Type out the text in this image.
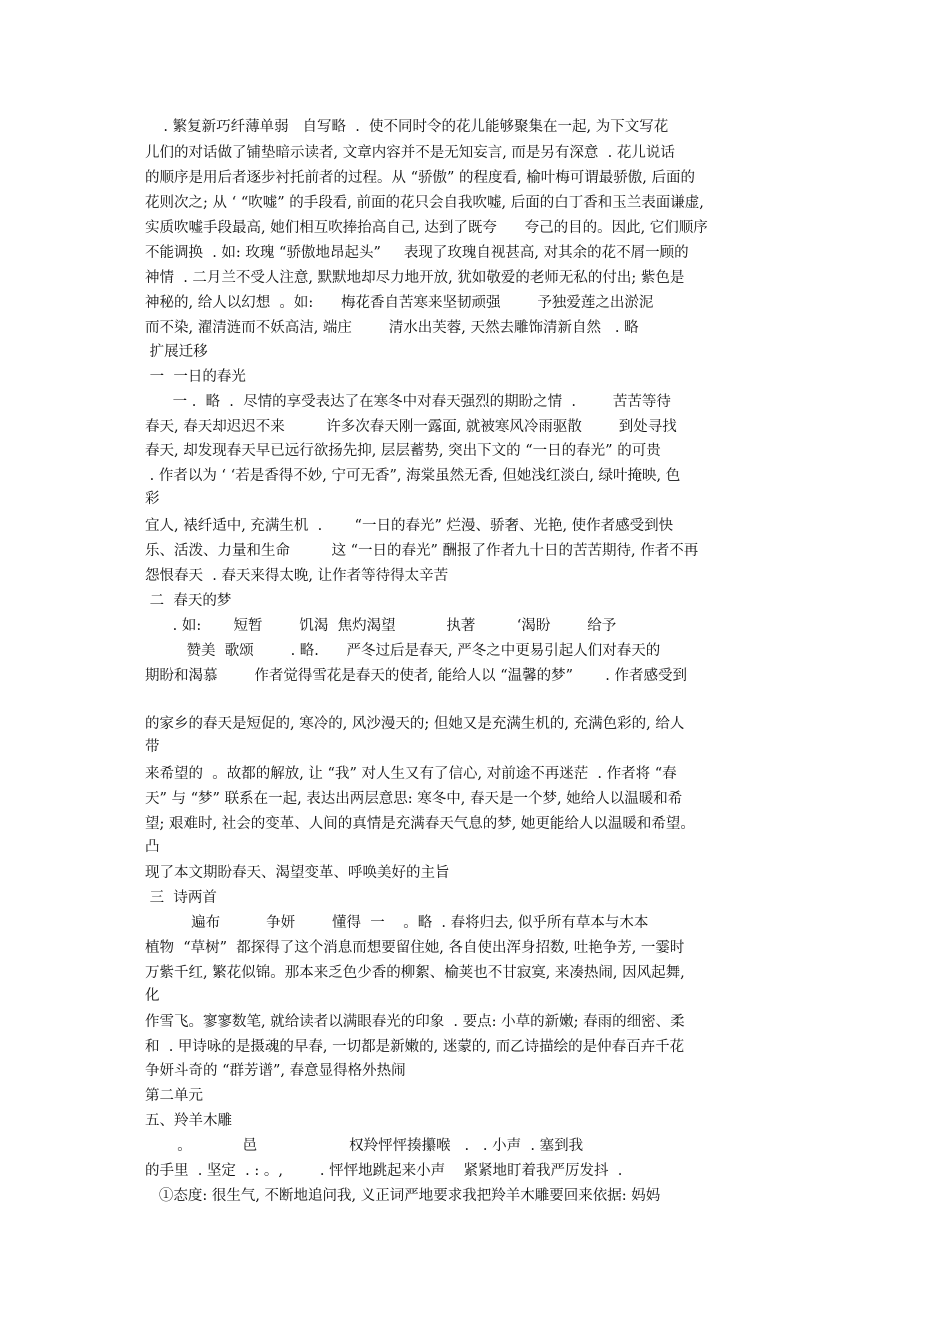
. 繁复新巧纤薄单弱   自写略  .  使不同时令的花儿能够聚集在一起, 为下文写花
儿们的对话做了铺垫暗示读者, 文章内容并不是无知妄言, 而是另有深意  . 花儿说话
的顺序是用后者逐步衬托前者的过程。从 “骄傲” 的程度看, 榆叶梅可谓最骄傲, 后面的
花则次之; 从 ‘ “吹嘘” 的手段看, 前面的花只会自我吹嘘, 后面的白丁香和玉兰表面谦虚,
实质吹嘘手段最高, 她们相互吹捧抬高自己, 达到了既夸      夸己的目的。因此, 它们顺序
不能调换  . 如: 玫瑰 “骄傲地昂起头”     表现了玫瑰自视甚高, 对其余的花不屑一顾的
神情  . 二月兰不受人注意, 默默地却尽力地开放, 犹如敬爱的老师无私的付出; 紫色是
神秘的, 给人以幻想  。如:      梅花香自苦寒来坚韧顽强        予独爱莲之出淤泥
而不染, 濯清涟而不妖高洁, 端庄        清水出芙蓉, 天然去雕饰清新自然   . 略
扩展迁移
一  一日的春光
一 .  略  .  尽情的享受表达了在寒冬中对春天强烈的期盼之情  .        苦苦等待
春天, 春天却迟迟不来         许多次春天刚一露面, 就被寒风冷雨驱散        到处寻找
春天, 却发现春天早已远行欲扬先抑, 层层蓄势, 突出下文的 “一日的春光” 的可贵
. 作者以为 ‘ ‘若是香得不妙, 宁可无香”, 海棠虽然无香, 但她浅红淡白, 绿叶掩映, 色
彩
宜人, 裱纤适中, 充满生机  .       “一日的春光” 烂漫、骄奢、光艳, 使作者感受到快
乐、活泼、力量和生命         这 “一日的春光” 酬报了作者九十日的苦苦期待, 作者不再
怨恨春天  . 春天来得太晚, 让作者等待得太辛苦
二  春天的梦
. 如:       短暂        饥渴  焦灼渴望           执著         ‘渴盼        给予
赞美  歌颂        . 略.      严冬过后是春天, 严冬之中更易引起人们对春天的
期盼和渴慕        作者觉得雪花是春天的使者, 能给人以 “温馨的梦”       . 作者感受到
的家乡的春天是短促的, 寒冷的, 风沙漫天的; 但她又是充满生机的, 充满色彩的, 给人
带
来希望的  。故都的解放, 让 “我” 对人生又有了信心, 对前途不再迷茫  . 作者将 “春
天” 与 “梦” 联系在一起, 表达出两层意思: 寒冬中, 春天是一个梦, 她给人以温暖和希
望; 艰难时, 社会的变革、人间的真情是充满春天气息的梦, 她更能给人以温暖和希望。
凸
现了本文期盼春天、渴望变革、呼唤美好的主旨
三  诗两首
遍布          争妍        懂得  一    。略  . 春将归去, 似乎所有草本与木本
植物  “草树”  都探得了这个消息而想要留住她, 各自使出浑身招数, 吐艳争芳, 一霎时
万紫千红, 繁花似锦。那本来乏色少香的柳絮、榆荚也不甘寂寞, 来凑热闹, 因风起舞,
化
作雪飞。寥寥数笔, 就给读者以满眼春光的印象  . 要点: 小草的新嫩; 春雨的细密、柔
和  . 甲诗咏的是摄魂的早春, 一切都是新嫩的, 迷蒙的, 而乙诗描绘的是仲春百卉千花
争妍斗奇的 “群芳谱”, 春意显得格外热闹
第二单元
五、羚羊木雕
。           邑                    权羚怦怦揍攥喉   .   . 小声  . 塞到我
的手里  . 坚定  . : 。,        . 怦怦地跳起来小声    紧紧地盯着我严厉发抖  .
①态度: 很生气, 不断地追问我, 义正词严地要求我把羚羊木雕要回来依据: 妈妈
